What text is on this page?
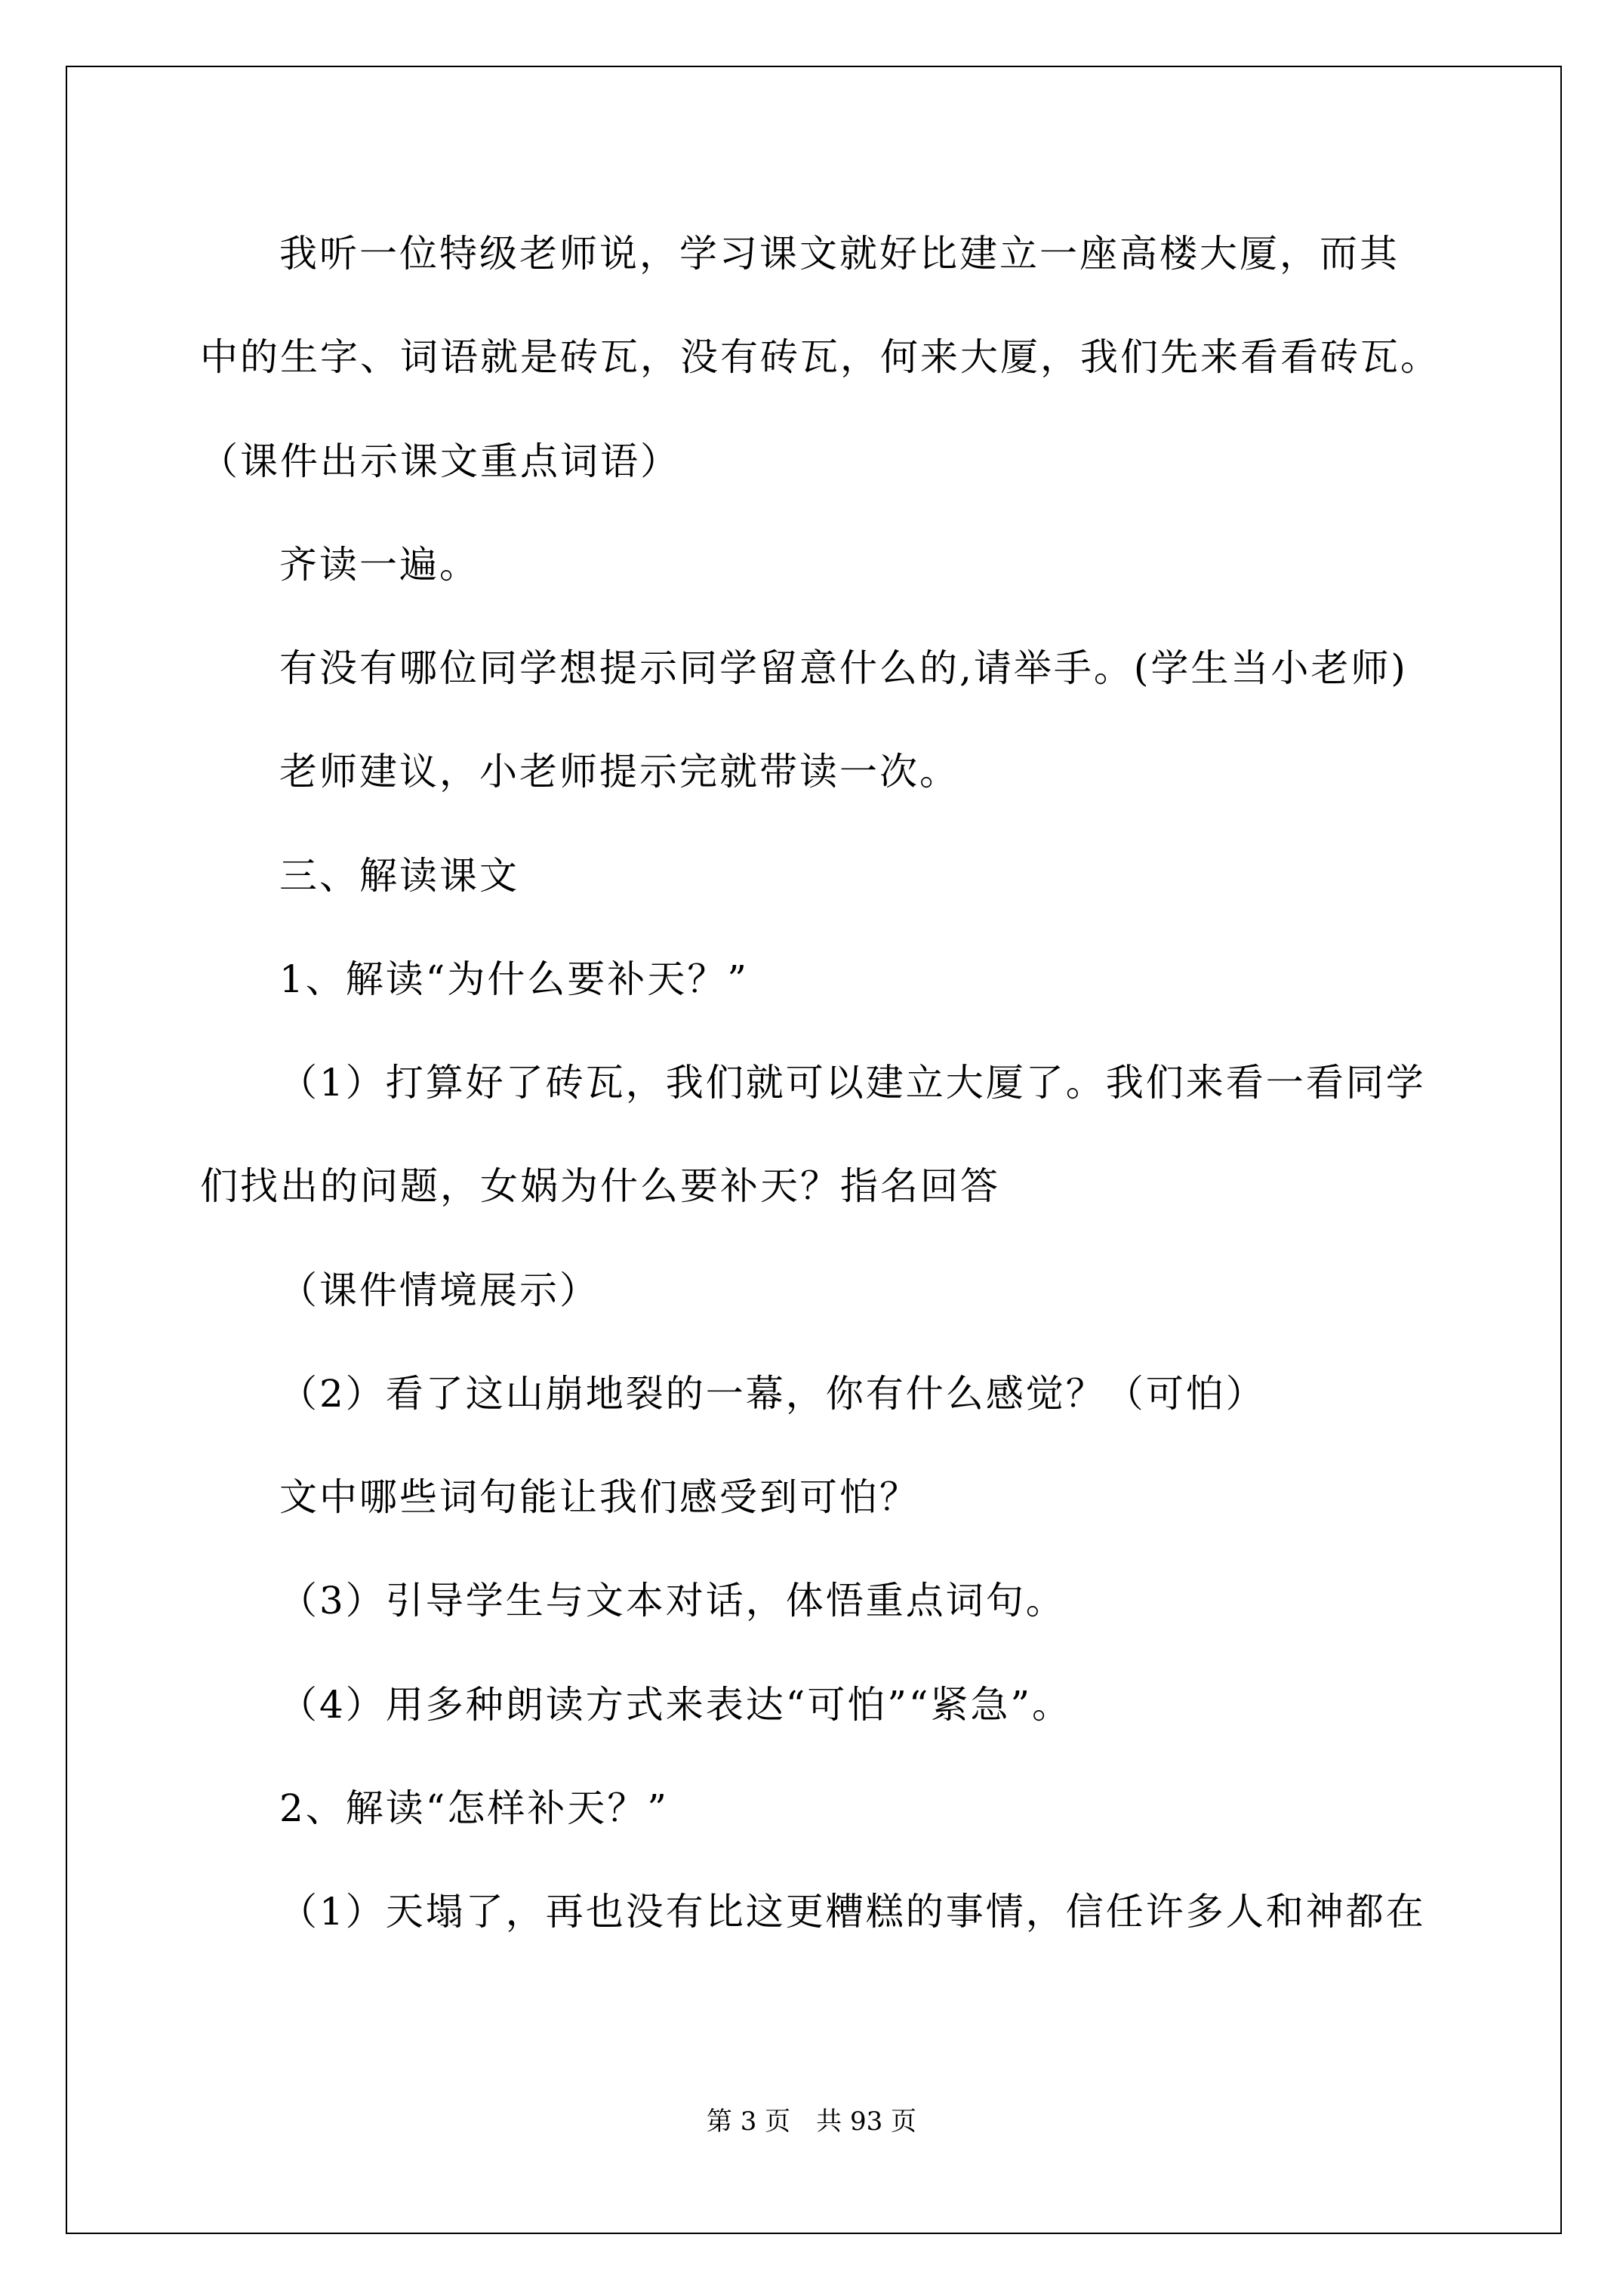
我听一位特级老师说，学习课文就好比建立一座高楼大厦，而其
中的生字、词语就是砖瓦，没有砖瓦，何来大厦，我们先来看看砖瓦。
（课件出示课文重点词语）
齐读一遍。
有没有哪位同学想提示同学留意什么的,请举手。(学生当小老师)
老师建议，小老师提示完就带读一次。
三、解读课文
1、解读“为什么要补天？”
（1）打算好了砖瓦，我们就可以建立大厦了。我们来看一看同学
们找出的问题，女娲为什么要补天？指名回答
（课件情境展示）
（2）看了这山崩地裂的一幕，你有什么感觉？（可怕）
文中哪些词句能让我们感受到可怕？
（3）引导学生与文本对话，体悟重点词句。
（4）用多种朗读方式来表达“可怕”“紧急”。
2、解读“怎样补天？”
（1）天塌了，再也没有比这更糟糕的事情，信任许多人和神都在
第 3 页　共 93 页
